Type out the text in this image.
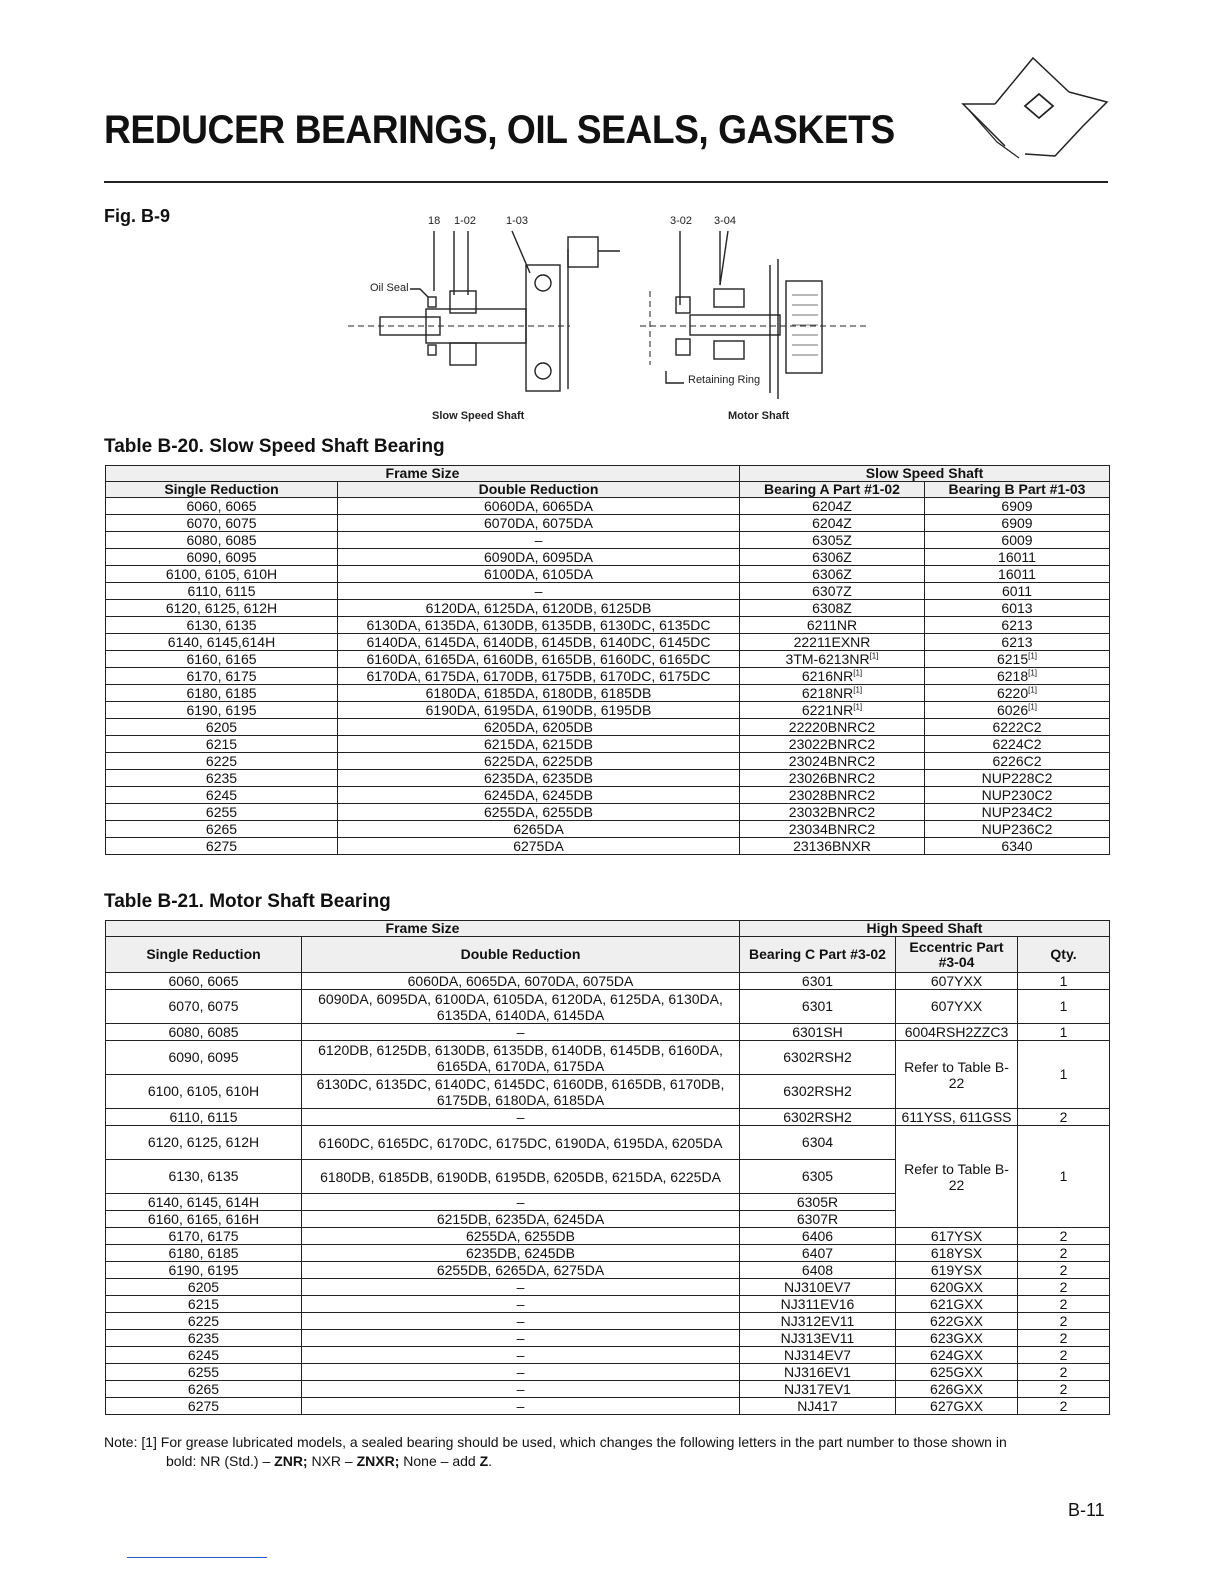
REDUCER BEARINGS, OIL SEALS, GASKETS
Fig. B-9	18 1-02	1-03	3-02 3-04
Oil Seal
Retaining Ring
Slow Speed Shaft	Motor Shaft
Table B-20. Slow Speed Shaft Bearing
Frame Size		Slow Speed Shaft	
Single Reduction	Double Reduction	Bearing A Part #1-02	Bearing B Part #1-03
6060, 6065	6060DA, 6065DA	6204Z	6909
6070, 6075	6070DA, 6075DA	6204Z	6909
6080, 6085	–	6305Z	6009
6090, 6095	6090DA, 6095DA	6306Z	16011
6100, 6105, 610H	6100DA, 6105DA	6306Z	16011
6110, 6115	–	6307Z	6011
6120, 6125, 612H	6120DA, 6125DA, 6120DB, 6125DB	6308Z	6013
6130, 6135	6130DA, 6135DA, 6130DB, 6135DB, 6130DC, 6135DC	6211NR	6213
6140, 6145,614H	6140DA, 6145DA, 6140DB, 6145DB, 6140DC, 6145DC	22211EXNR	6213
6160, 6165	6160DA, 6165DA, 6160DB, 6165DB, 6160DC, 6165DC	3TM-6213NR[1]	6215[1]
6170, 6175	6170DA, 6175DA, 6170DB, 6175DB, 6170DC, 6175DC	6216NR[1]	6218[1]
6180, 6185	6180DA, 6185DA, 6180DB, 6185DB	6218NR[1]	6220[1]
6190, 6195	6190DA, 6195DA, 6190DB, 6195DB	6221NR[1]	6026[1]
6205	6205DA, 6205DB	22220BNRC2	6222C2
6215	6215DA, 6215DB	23022BNRC2	6224C2
6225	6225DA, 6225DB	23024BNRC2	6226C2
6235	6235DA, 6235DB	23026BNRC2	NUP228C2
6245	6245DA, 6245DB	23028BNRC2	NUP230C2
6255	6255DA, 6255DB	23032BNRC2	NUP234C2
6265	6265DA	23034BNRC2	NUP236C2
6275	6275DA	23136BNXR	6340
Table B-21. Motor Shaft Bearing
Frame Size		High Speed Shaft		
Single Reduction	Double Reduction	Bearing C Part #3-02	Eccentric Part #3-04	Qty.
6060, 6065	6060DA, 6065DA, 6070DA, 6075DA	6301	607YXX	1
6070, 6075	6090DA, 6095DA, 6100DA, 6105DA, 6120DA, 6125DA, 6130DA, 6135DA, 6140DA, 6145DA	6301	607YXX	1
6080, 6085	–	6301SH	6004RSH2ZZC3	1
6090, 6095	6120DB, 6125DB, 6130DB, 6135DB, 6140DB, 6145DB, 6160DA, 6165DA, 6170DA, 6175DA	6302RSH2	Refer to Table B-22	1
6100, 6105, 610H	6130DC, 6135DC, 6140DC, 6145DC, 6160DB, 6165DB, 6170DB, 6175DB, 6180DA, 6185DA	6302RSH2		
6110, 6115	–	6302RSH2	611YSS, 611GSS	2
6120, 6125, 612H	6160DC, 6165DC, 6170DC, 6175DC, 6190DA, 6195DA, 6205DA	6304	Refer to Table B-22	1
6130, 6135	6180DB, 6185DB, 6190DB, 6195DB, 6205DB, 6215DA, 6225DA	6305		
6140, 6145, 614H	–	6305R		
6160, 6165, 616H	6215DB, 6235DA, 6245DA	6307R		
6170, 6175	6255DA, 6255DB	6406	617YSX	2
6180, 6185	6235DB, 6245DB	6407	618YSX	2
6190, 6195	6255DB, 6265DA, 6275DA	6408	619YSX	2
6205	–	NJ310EV7	620GXX	2
6215	–	NJ311EV16	621GXX	2
6225	–	NJ312EV11	622GXX	2
6235	–	NJ313EV11	623GXX	2
6245	–	NJ314EV7	624GXX	2
6255	–	NJ316EV1	625GXX	2
6265	–	NJ317EV1	626GXX	2
6275	–	NJ417	627GXX	2
Note: [1] For grease lubricated models, a sealed bearing should be used, which changes the following letters in the part number to those shown in
bold: NR (Std.) – ZNR; NXR – ZNXR; None – add Z.
B-11
